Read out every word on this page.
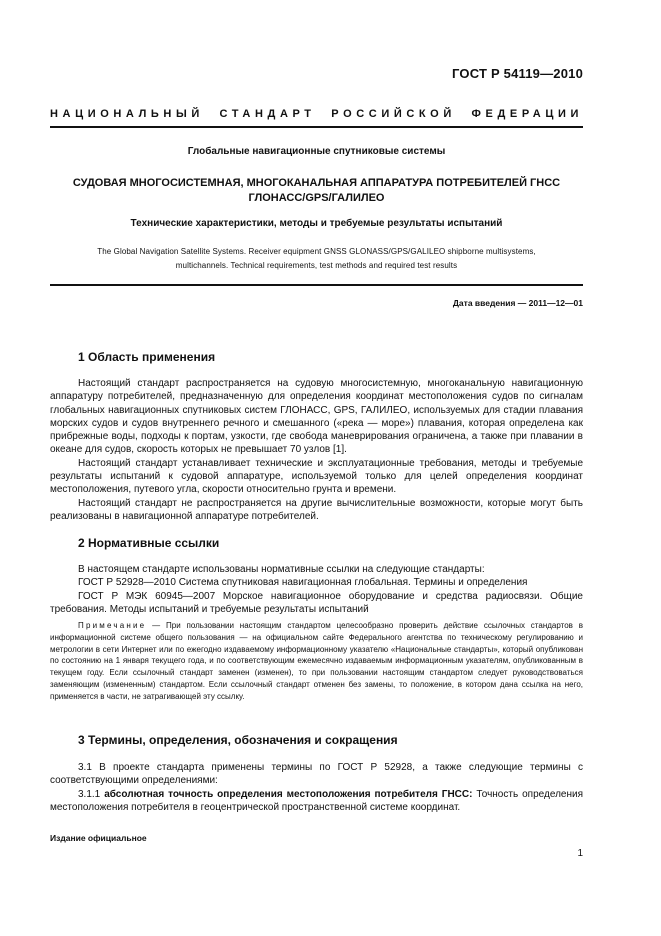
ГОСТ Р 54119—2010
НАЦИОНАЛЬНЫЙ СТАНДАРТ РОССИЙСКОЙ ФЕДЕРАЦИИ
Глобальные навигационные спутниковые системы
СУДОВАЯ МНОГОСИСТЕМНАЯ, МНОГОКАНАЛЬНАЯ АППАРАТУРА ПОТРЕБИТЕЛЕЙ ГНСС
ГЛОНАСС/GPS/ГАЛИЛЕО
Технические характеристики, методы и требуемые результаты испытаний
The Global Navigation Satellite Systems. Receiver equipment GNSS GLONASS/GPS/GALILEO shipborne multisystems,
multichannels. Technical requirements, test methods and required test results
Дата введения — 2011—12—01
1 Область применения

Настоящий стандарт распространяется на судовую многосистемную, многоканальную навигационную аппаратуру потребителей, предназначенную для определения координат местоположения судов по сигналам глобальных навигационных спутниковых систем ГЛОНАСС, GPS, ГАЛИЛЕО, используемых для стадии плавания морских судов и судов внутреннего речного и смешанного («река — море») плавания, которая определена как прибрежные воды, подходы к портам, узкости, где свобода маневрирования ограничена, а также при плавании в океане для судов, скорость которых не превышает 70 узлов [1].

Настоящий стандарт устанавливает технические и эксплуатационные требования, методы и требуемые результаты испытаний к судовой аппаратуре, используемой только для целей определения координат местоположения, путевого угла, скорости относительно грунта и времени.

Настоящий стандарт не распространяется на другие вычислительные возможности, которые могут быть реализованы в навигационной аппаратуре потребителей.

2 Нормативные ссылки

В настоящем стандарте использованы нормативные ссылки на следующие стандарты:

ГОСТ Р 52928—2010 Система спутниковая навигационная глобальная. Термины и определения

ГОСТ Р МЭК 60945—2007 Морское навигационное оборудование и средства радиосвязи. Общие требования. Методы испытаний и требуемые результаты испытаний

Примечание — При пользовании настоящим стандартом целесообразно проверить действие ссылочных стандартов в информационной системе общего пользования — на официальном сайте Федерального агентства по техническому регулированию и метрологии в сети Интернет или по ежегодно издаваемому информационному указателю «Национальные стандарты», который опубликован по состоянию на 1 января текущего года, и по соответствующим ежемесячно издаваемым информационным указателям, опубликованным в текущем году. Если ссылочный стандарт заменен (изменен), то при пользовании настоящим стандартом следует руководствоваться заменяющим (измененным) стандартом. Если ссылочный стандарт отменен без замены, то положение, в котором дана ссылка на него, применяется в части, не затрагивающей эту ссылку.

3 Термины, определения, обозначения и сокращения

3.1 В проекте стандарта применены термины по ГОСТ Р 52928, а также следующие термины с соответствующими определениями:

3.1.1 абсолютная точность определения местоположения потребителя ГНСС: Точность определения местоположения потребителя в геоцентрической пространственной системе координат.

Издание официальное
1
